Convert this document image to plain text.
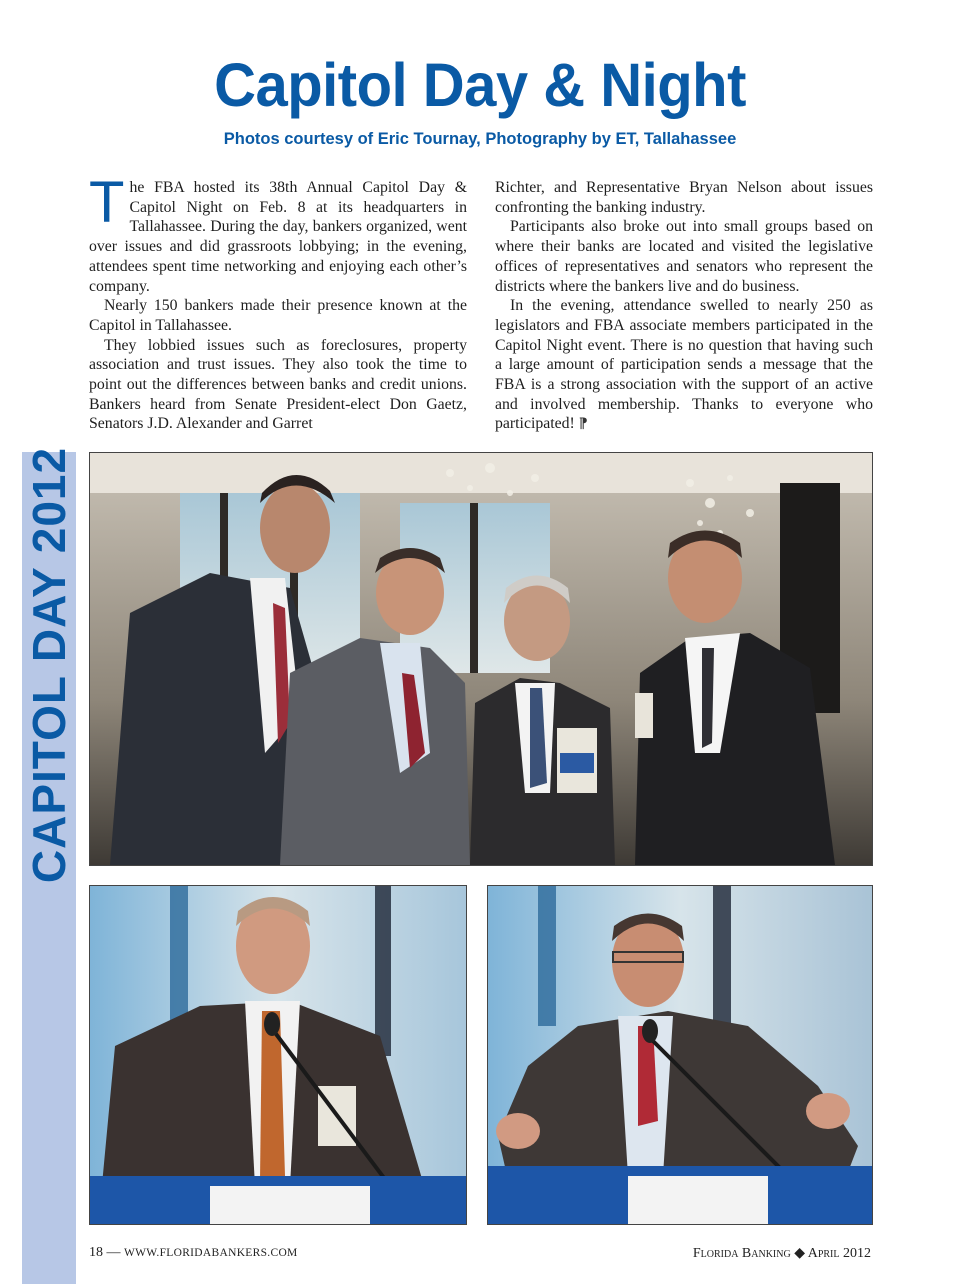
CAPITOL DAY 2012
Capitol Day & Night
Photos courtesy of Eric Tournay, Photography by ET, Tallahassee

The FBA hosted its 38th Annual Capitol Day & Capitol Night on Feb. 8 at its headquarters in Tallahassee. During the day, bankers organized, went over issues and did grassroots lobbying; in the evening, attendees spent time networking and enjoying each other’s company.

Nearly 150 bankers made their presence known at the Capitol in Tallahassee.

They lobbied issues such as foreclosures, property association and trust issues. They also took the time to point out the differences between banks and credit unions. Bankers heard from Senate President-elect Don Gaetz, Senators J.D. Alexander and Garret

Richter, and Representative Bryan Nelson about issues confronting the banking industry.

Participants also broke out into small groups based on where their banks are located and visited the legislative offices of representatives and senators who represent the districts where the bankers live and do business.

In the evening, attendance swelled to nearly 250 as legislators and FBA associate members participated in the Capitol Night event. There is no question that having such a large amount of participation sends a message that the FBA is a strong association with the support of an active and involved membership. Thanks to everyone who participated! ⁋

18 — WWW.FLORIDABANKERS.COM	Florida Banking ◆ April 2012
